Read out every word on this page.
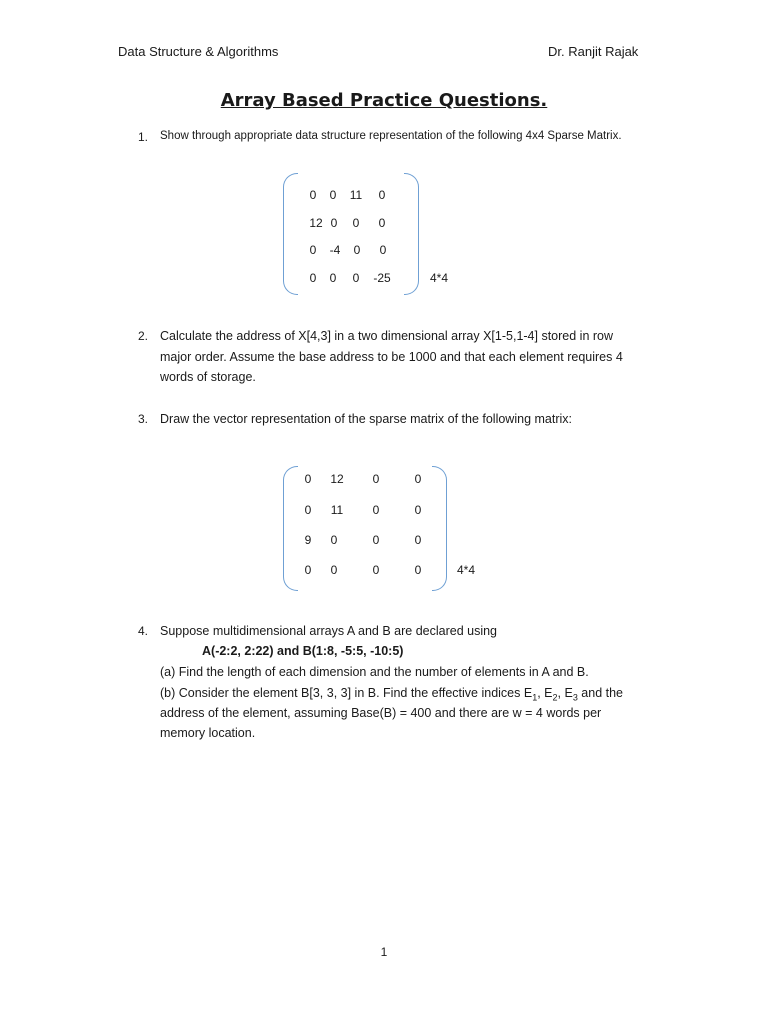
Data Structure & Algorithms	Dr. Ranjit Rajak
Array Based Practice Questions.
1. Show through appropriate data structure representation of the following 4x4 Sparse Matrix.
0	0	11	0
12 0	0	0
0	-4	0	0
0	0	0	-25	4*4
2. Calculate the address of X[4,3] in a two dimensional array X[1-5,1-4] stored in row
major order. Assume the base address to be 1000 and that each element requires 4
words of storage.
3. Draw the vector representation of the sparse matrix of the following matrix:
0	12	0	0
0	11	0	0
9	0	0	0
0	0	0	0	4*4
4. Suppose multidimensional arrays A and B are declared using
A(-2:2, 2:22) and B(1:8, -5:5, -10:5)
(a) Find the length of each dimension and the number of elements in A and B.
(b) Consider the element B[3, 3, 3] in B. Find the effective indices $E_1$, $E_2$, $E_3$ and the
address of the element, assuming Base(B) = 400 and there are w = 4 words per
memory location.
1
